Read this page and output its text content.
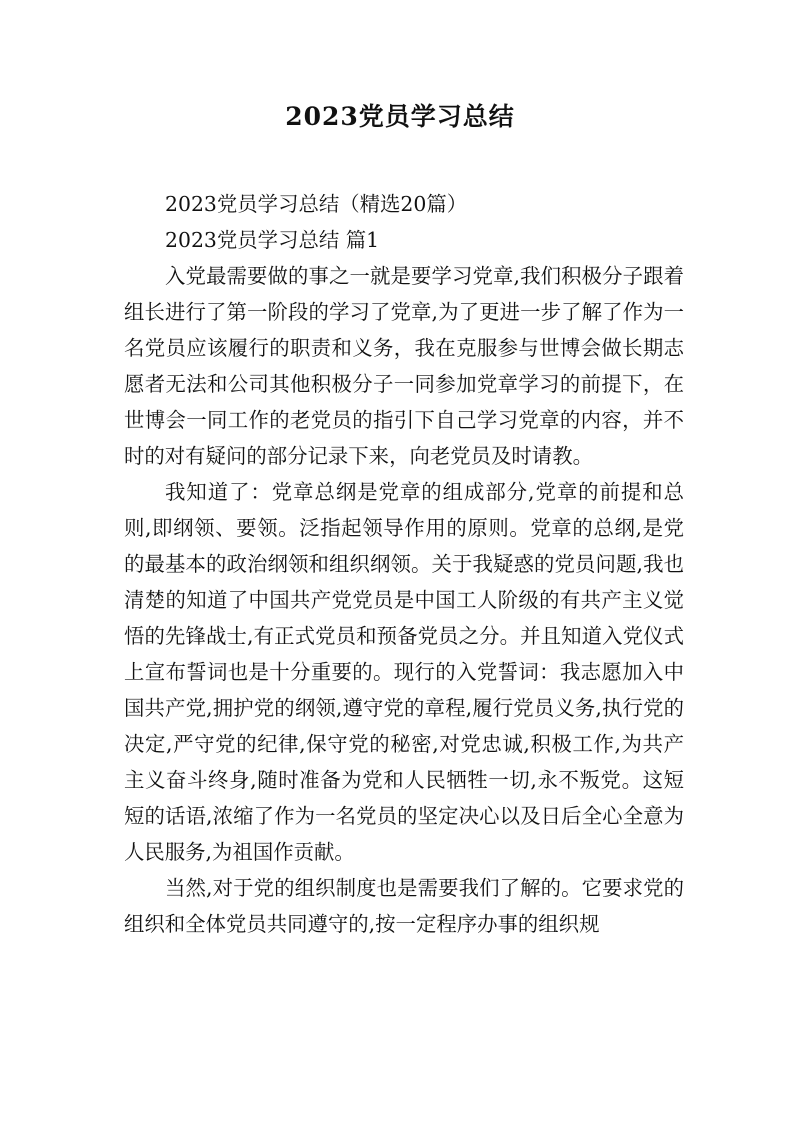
2023党员学习总结

2023党员学习总结（精选20篇）

2023党员学习总结 篇1

入党最需要做的事之一就是要学习党章,我们积极分子跟着组长进行了第一阶段的学习了党章,为了更进一步了解了作为一名党员应该履行的职责和义务，我在克服参与世博会做长期志愿者无法和公司其他积极分子一同参加党章学习的前提下，在世博会一同工作的老党员的指引下自己学习党章的内容，并不时的对有疑问的部分记录下来，向老党员及时请教。

我知道了：党章总纲是党章的组成部分,党章的前提和总则,即纲领、要领。泛指起领导作用的原则。党章的总纲,是党的最基本的政治纲领和组织纲领。关于我疑惑的党员问题,我也清楚的知道了中国共产党党员是中国工人阶级的有共产主义觉悟的先锋战士,有正式党员和预备党员之分。并且知道入党仪式上宣布誓词也是十分重要的。现行的入党誓词：我志愿加入中国共产党,拥护党的纲领,遵守党的章程,履行党员义务,执行党的决定,严守党的纪律,保守党的秘密,对党忠诚,积极工作,为共产主义奋斗终身,随时准备为党和人民牺牲一切,永不叛党。这短短的话语,浓缩了作为一名党员的坚定决心以及日后全心全意为人民服务,为祖国作贡献。

当然,对于党的组织制度也是需要我们了解的。它要求党的组织和全体党员共同遵守的,按一定程序办事的组织规
